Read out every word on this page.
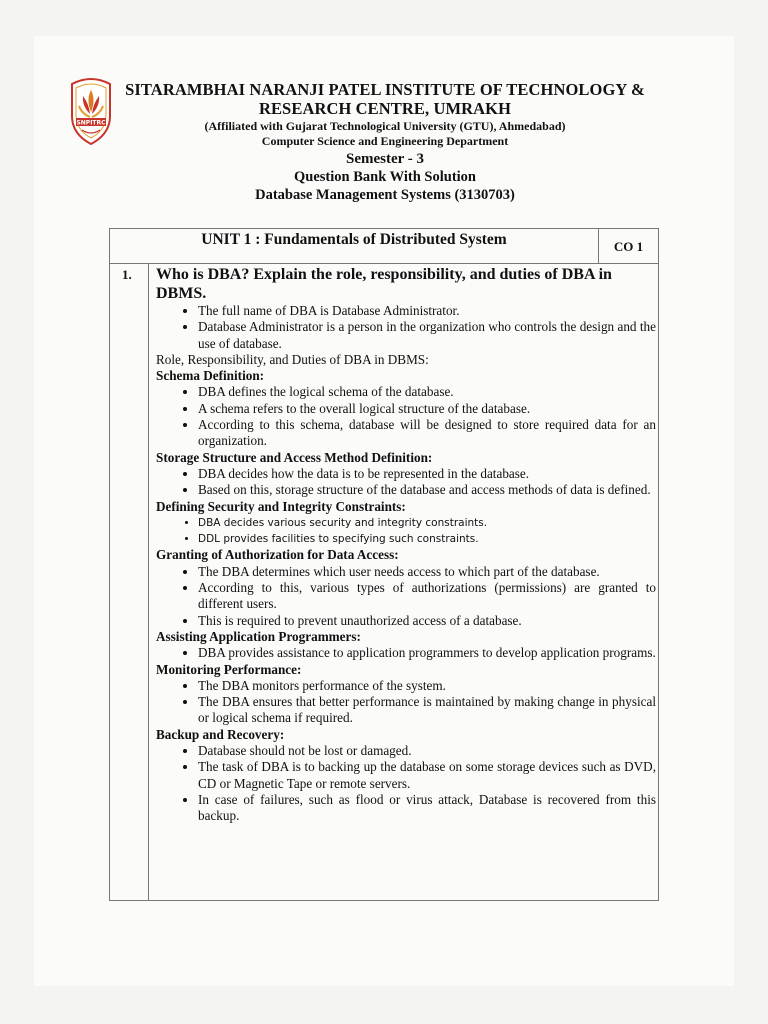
SNPITRC
SITARAMBHAI NARANJI PATEL INSTITUTE OF TECHNOLOGY &
RESEARCH CENTRE, UMRAKH
(Affiliated with Gujarat Technological University (GTU), Ahmedabad)
Computer Science and Engineering Department
Semester - 3
Question Bank With Solution
Database Management Systems (3130703)
UNIT 1 : Fundamentals of Distributed System	CO 1
1. Who is DBA? Explain the role, responsibility, and duties of DBA in DBMS.
• The full name of DBA is Database Administrator.
• Database Administrator is a person in the organization who controls the design and the use of database.

Role, Responsibility, and Duties of DBA in DBMS:

Schema Definition:

• DBA defines the logical schema of the database.
• A schema refers to the overall logical structure of the database.
• According to this schema, database will be designed to store required data for an organization.

Storage Structure and Access Method Definition:

• DBA decides how the data is to be represented in the database.
• Based on this, storage structure of the database and access methods of data is defined.

Defining Security and Integrity Constraints:

• DBA decides various security and integrity constraints.
• DDL provides facilities to specifying such constraints.

Granting of Authorization for Data Access:

• The DBA determines which user needs access to which part of the database.
• According to this, various types of authorizations (permissions) are granted to different users.
• This is required to prevent unauthorized access of a database.

Assisting Application Programmers:

• DBA provides assistance to application programmers to develop application programs.

Monitoring Performance:

• The DBA monitors performance of the system.
• The DBA ensures that better performance is maintained by making change in physical or logical schema if required.

Backup and Recovery:

• Database should not be lost or damaged.
• The task of DBA is to backing up the database on some storage devices such as DVD, CD or Magnetic Tape or remote servers.
• In case of failures, such as flood or virus attack, Database is recovered from this backup.
